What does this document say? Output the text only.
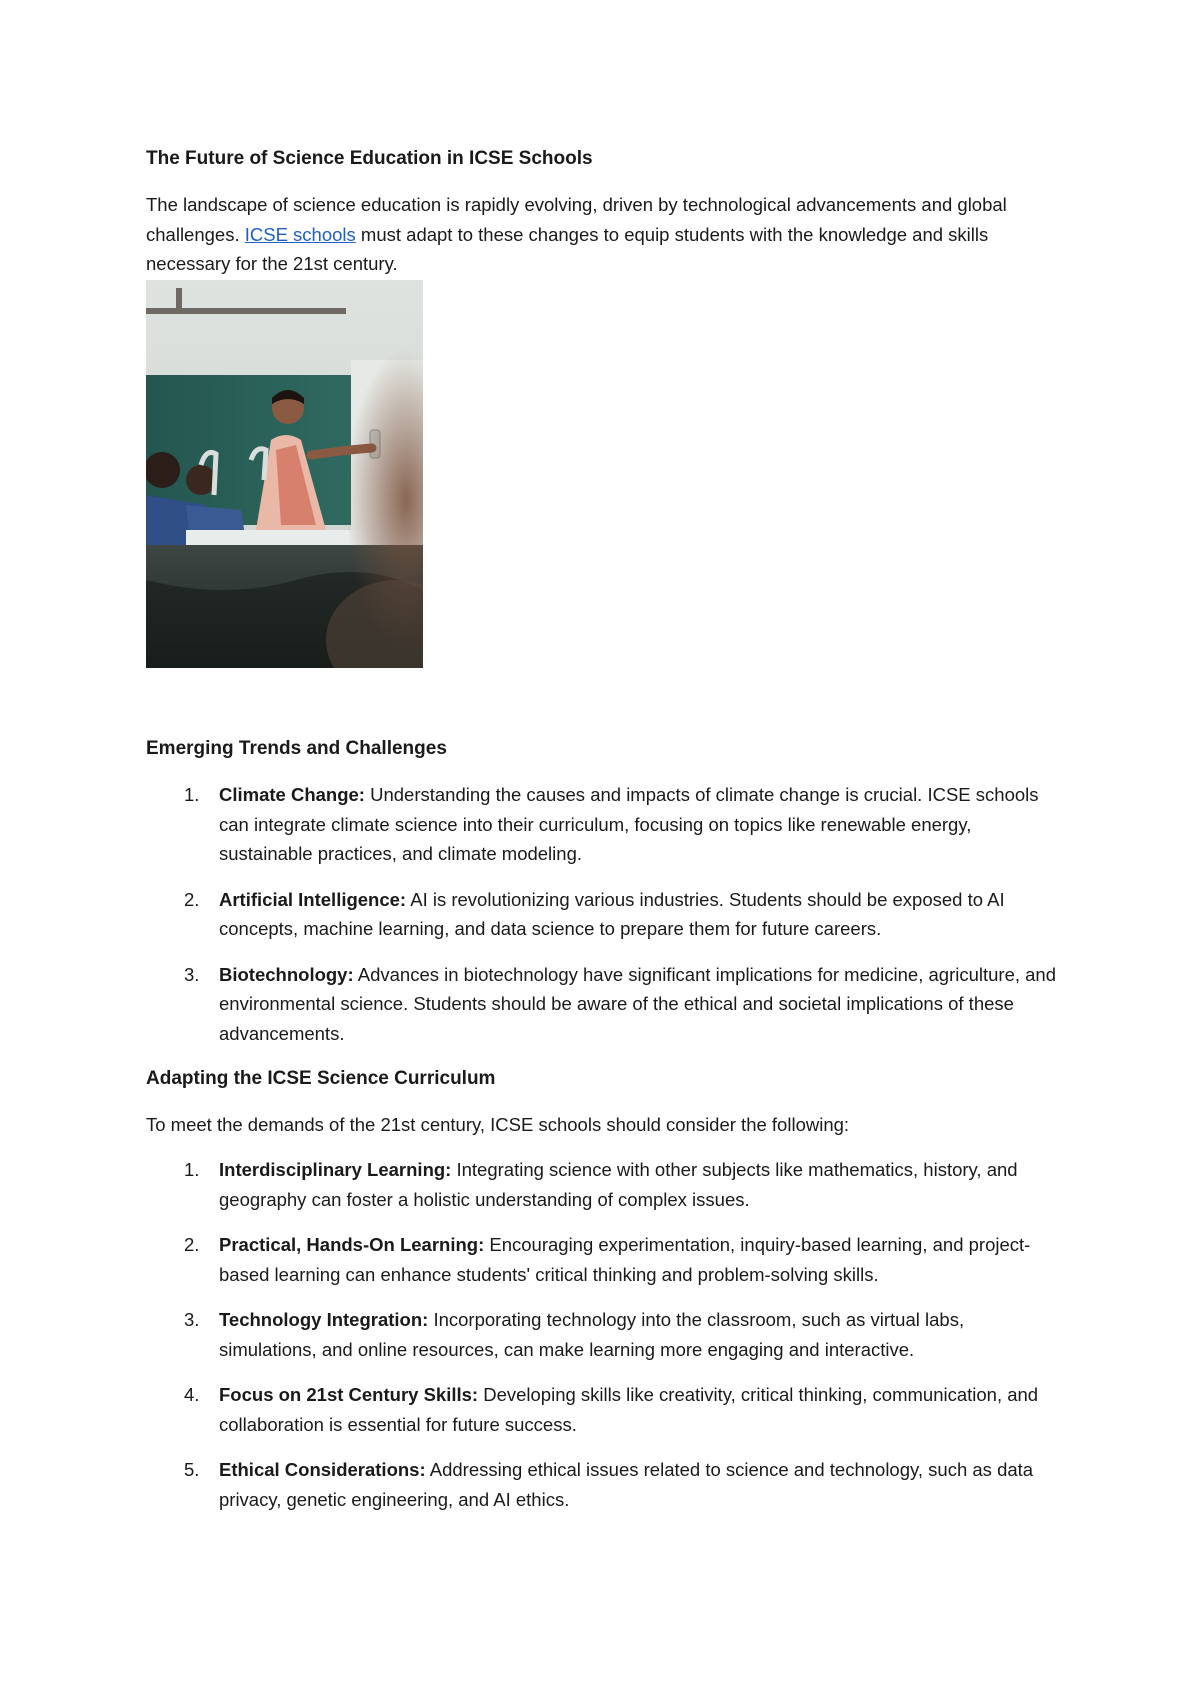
The Future of Science Education in ICSE Schools

The landscape of science education is rapidly evolving, driven by technological advancements and global challenges. ICSE schools must adapt to these changes to equip students with the knowledge and skills necessary for the 21st century.

Emerging Trends and Challenges
1. Climate Change: Understanding the causes and impacts of climate change is crucial. ICSE schools can integrate climate science into their curriculum, focusing on topics like renewable energy, sustainable practices, and climate modeling.
2. Artificial Intelligence: AI is revolutionizing various industries. Students should be exposed to AI concepts, machine learning, and data science to prepare them for future careers.
3. Biotechnology: Advances in biotechnology have significant implications for medicine, agriculture, and environmental science. Students should be aware of the ethical and societal implications of these advancements.
Adapting the ICSE Science Curriculum

To meet the demands of the 21st century, ICSE schools should consider the following:

1. Interdisciplinary Learning: Integrating science with other subjects like mathematics, history, and geography can foster a holistic understanding of complex issues.
2. Practical, Hands-On Learning: Encouraging experimentation, inquiry-based learning, and project-based learning can enhance students' critical thinking and problem-solving skills.
3. Technology Integration: Incorporating technology into the classroom, such as virtual labs, simulations, and online resources, can make learning more engaging and interactive.
4. Focus on 21st Century Skills: Developing skills like creativity, critical thinking, communication, and collaboration is essential for future success.
5. Ethical Considerations: Addressing ethical issues related to science and technology, such as data privacy, genetic engineering, and AI ethics.
